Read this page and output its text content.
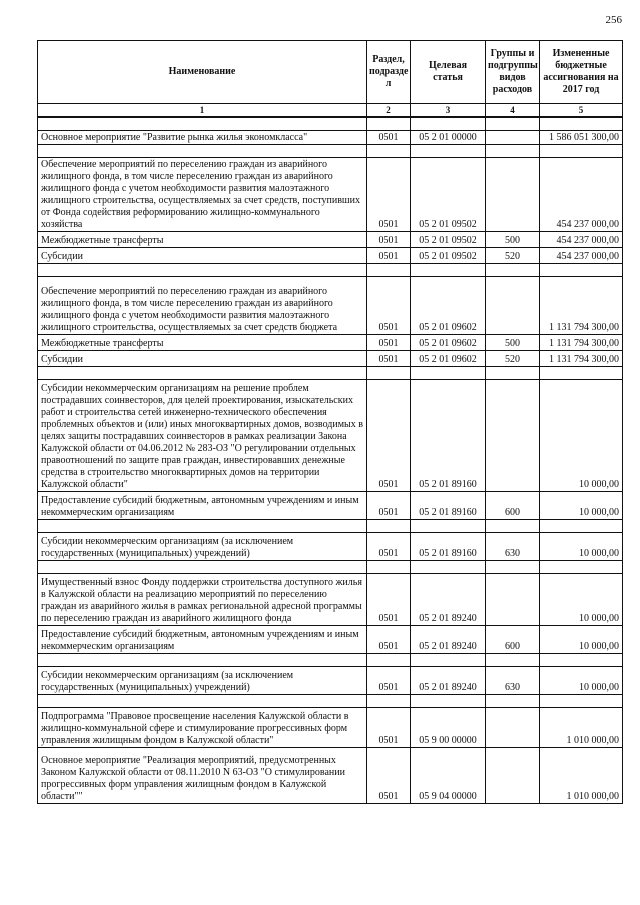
256
Наименование	Раздел, подразде л	Целевая статья	Группы и подгруппы видов расходов	Измененные бюджетные ассигнования на 2017 год
1	2	3	4	5

Основное мероприятие "Развитие рынка жилья экономкласса"	0501	05 2 01 00000		1 586 051 300,00

Обеспечение мероприятий по переселению граждан из аварийного жилищного фонда, в том числе переселению граждан из аварийного жилищного фонда с учетом необходимости развития малоэтажного жилищного строительства, осуществляемых за счет средств, поступивших от Фонда содействия реформированию жилищно-коммунального хозяйства	0501	05 2 01 09502		454 237 000,00
Межбюджетные трансферты	0501	05 2 01 09502	500	454 237 000,00
Субсидии	0501	05 2 01 09502	520	454 237 000,00

Обеспечение мероприятий по переселению граждан из аварийного жилищного фонда, в том числе переселению граждан из аварийного жилищного фонда с учетом необходимости развития малоэтажного жилищного строительства, осуществляемых за счет средств бюджета	0501	05 2 01 09602		1 131 794 300,00
Межбюджетные трансферты	0501	05 2 01 09602	500	1 131 794 300,00
Субсидии	0501	05 2 01 09602	520	1 131 794 300,00

Субсидии некоммерческим организациям на решение проблем пострадавших соинвесторов, для целей проектирования, изыскательских работ и строительства сетей инженерно-технического обеспечения проблемных объектов и (или) иных многоквартирных домов, возводимых в целях защиты пострадавших соинвесторов в рамках реализации Закона Калужской области от 04.06.2012 № 283-ОЗ "О регулировании отдельных правоотношений по защите прав граждан, инвестировавших денежные средства в строительство многоквартирных домов на территории Калужской области"	0501	05 2 01 89160		10 000,00
Предоставление субсидий бюджетным, автономным учреждениям и иным некоммерческим организациям	0501	05 2 01 89160	600	10 000,00

Субсидии некоммерческим организациям (за исключением государственных (муниципальных) учреждений)	0501	05 2 01 89160	630	10 000,00

Имущественный взнос Фонду поддержки строительства доступного жилья в Калужской области на реализацию мероприятий по переселению граждан из аварийного жилья в рамках региональной адресной программы по переселению граждан из аварийного жилищного фонда	0501	05 2 01 89240		10 000,00
Предоставление субсидий бюджетным, автономным учреждениям и иным некоммерческим организациям	0501	05 2 01 89240	600	10 000,00

Субсидии некоммерческим организациям (за исключением государственных (муниципальных) учреждений)	0501	05 2 01 89240	630	10 000,00

Подпрограмма "Правовое просвещение населения Калужской области в жилищно-коммунальной сфере и стимулирование прогрессивных форм управления жилищным фондом в Калужской области"	0501	05 9 00 00000		1 010 000,00
Основное мероприятие "Реализация мероприятий, предусмотренных Законом Калужской области от 08.11.2010 N 63-ОЗ "О стимулировании прогрессивных форм управления жилищным фондом в Калужской области""	0501	05 9 04 00000		1 010 000,00
